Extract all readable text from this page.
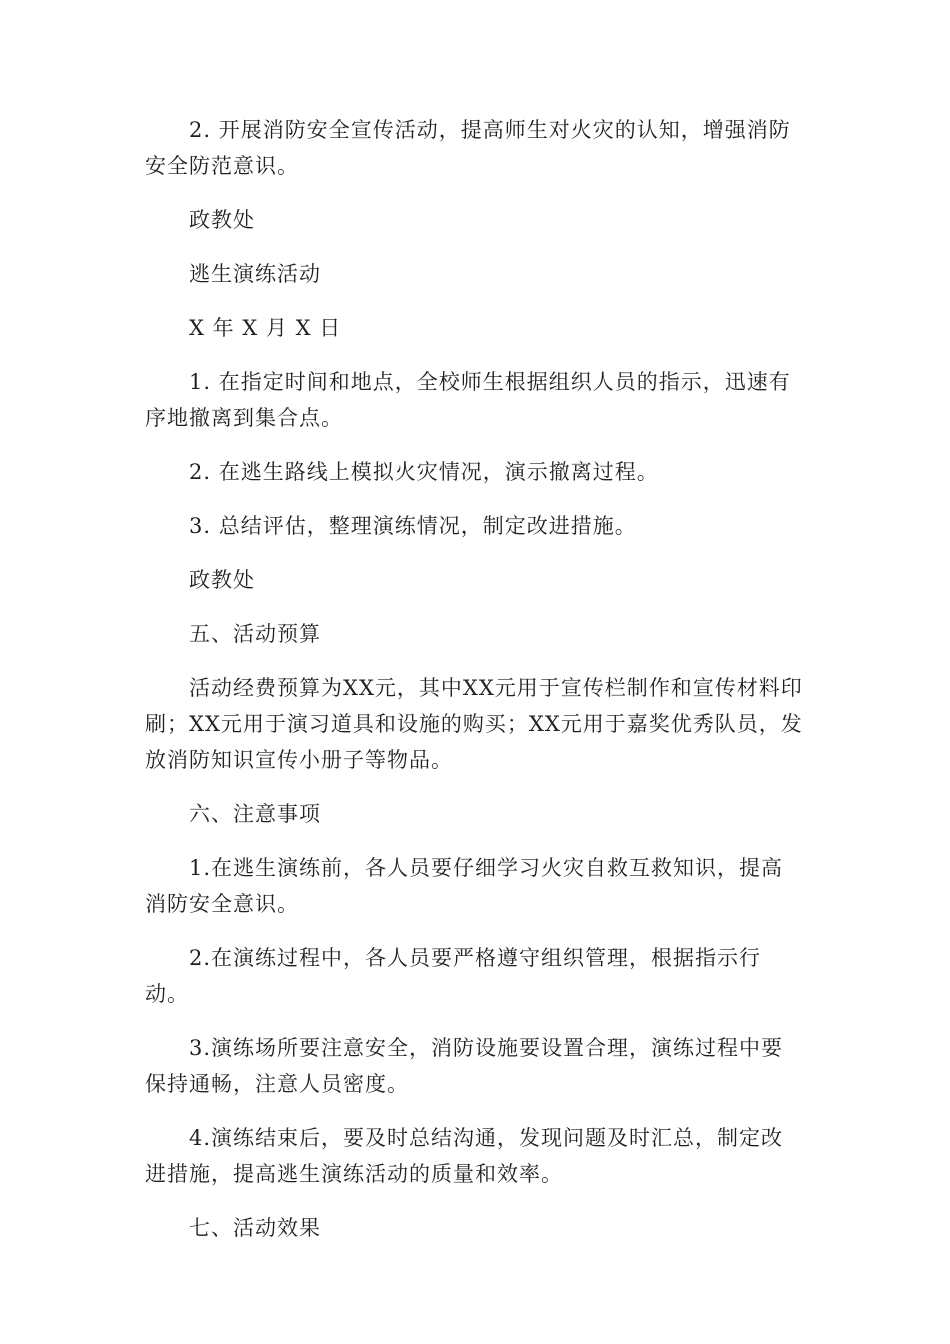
2. 开展消防安全宣传活动，提高师生对火灾的认知，增强消防安全防范意识。

政教处

逃生演练活动

X 年 X 月 X 日

1. 在指定时间和地点，全校师生根据组织人员的指示，迅速有序地撤离到集合点。

2. 在逃生路线上模拟火灾情况，演示撤离过程。

3. 总结评估，整理演练情况，制定改进措施。

政教处

五、活动预算

活动经费预算为XX元，其中XX元用于宣传栏制作和宣传材料印刷；XX元用于演习道具和设施的购买；XX元用于嘉奖优秀队员，发放消防知识宣传小册子等物品。

六、注意事项

1.在逃生演练前，各人员要仔细学习火灾自救互救知识，提高消防安全意识。

2.在演练过程中，各人员要严格遵守组织管理，根据指示行动。

3.演练场所要注意安全，消防设施要设置合理，演练过程中要保持通畅，注意人员密度。

4.演练结束后，要及时总结沟通，发现问题及时汇总，制定改进措施，提高逃生演练活动的质量和效率。

七、活动效果
